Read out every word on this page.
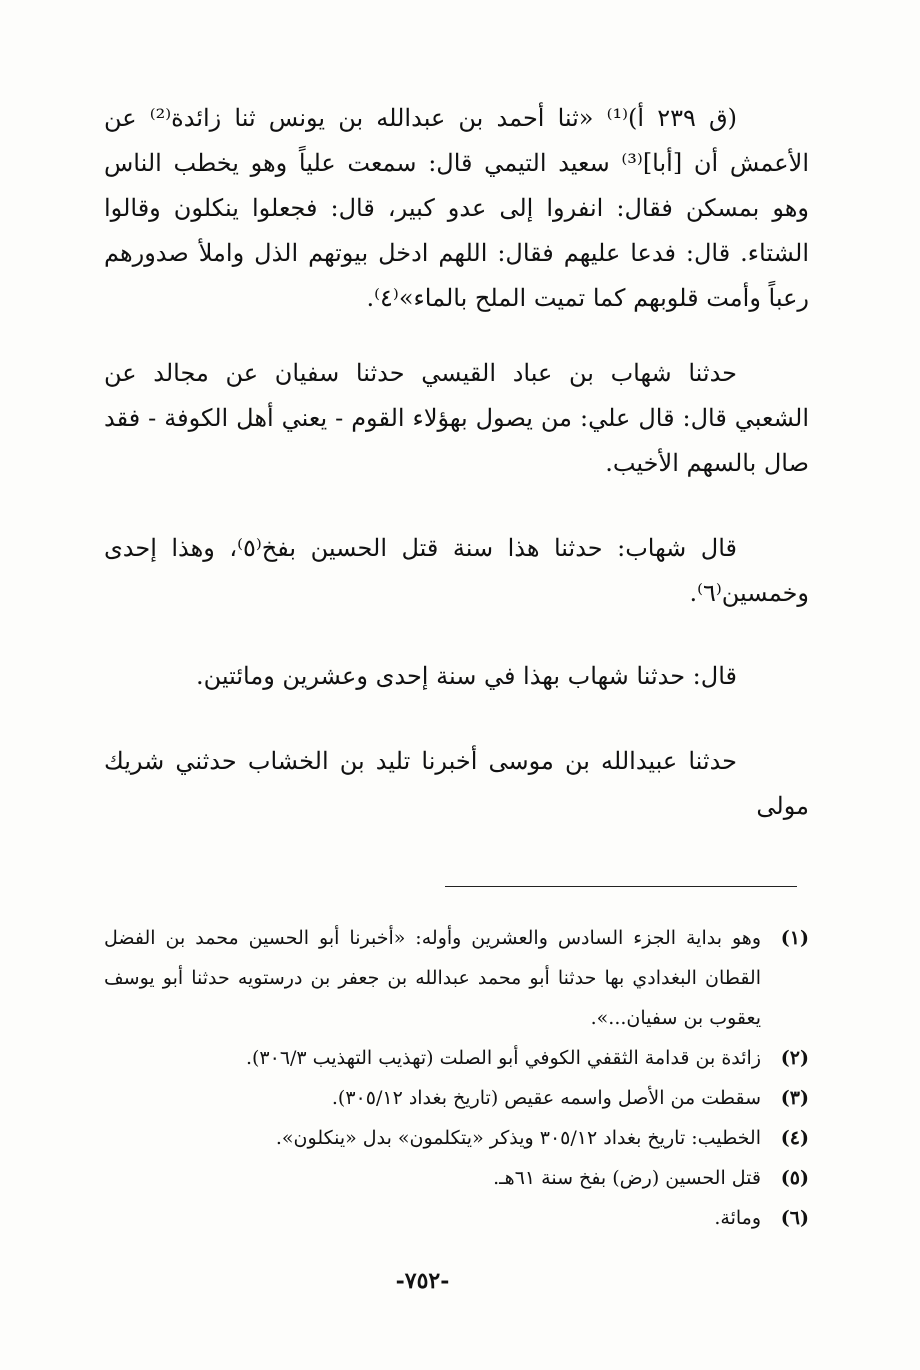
(ق ٢٣٩ أ)⁽¹⁾ «ثنا أحمد بن عبدالله بن يونس ثنا زائدة⁽²⁾ عن الأعمش أن [أبا]⁽³⁾ سعيد التيمي قال: سمعت علياً وهو يخطب الناس وهو بمسكن فقال: انفروا إلى عدو كبير، قال: فجعلوا ينكلون وقالوا الشتاء. قال: فدعا عليهم فقال: اللهم ادخل بيوتهم الذل واملأ صدورهم رعباً وأمت قلوبهم كما تميت الملح بالماء»⁽٤⁾.

حدثنا شهاب بن عباد القيسي حدثنا سفيان عن مجالد عن الشعبي قال: قال علي: من يصول بهؤلاء القوم - يعني أهل الكوفة - فقد صال بالسهم الأخيب.

قال شهاب: حدثنا هذا سنة قتل الحسين بفخ⁽٥⁾، وهذا إحدى وخمسين⁽٦⁾.

قال: حدثنا شهاب بهذا في سنة إحدى وعشرين ومائتين.

حدثنا عبيدالله بن موسى أخبرنا تليد بن الخشاب حدثني شريك مولى

(١)
وهو بداية الجزء السادس والعشرين وأوله: «أخبرنا أبو الحسين محمد بن الفضل القطان البغدادي بها حدثنا أبو محمد عبدالله بن جعفر بن درستويه حدثنا أبو يوسف يعقوب بن سفيان...».
(٢)
زائدة بن قدامة الثقفي الكوفي أبو الصلت (تهذيب التهذيب ٣٠٦/٣).
(٣)
سقطت من الأصل واسمه عقيص (تاريخ بغداد ٣٠٥/١٢).
(٤)
الخطيب: تاريخ بغداد ٣٠٥/١٢ ويذكر «يتكلمون» بدل «ينكلون».
(٥)
قتل الحسين (رض) بفخ سنة ٦١هـ.
(٦)
ومائة.
-٧٥٢-
